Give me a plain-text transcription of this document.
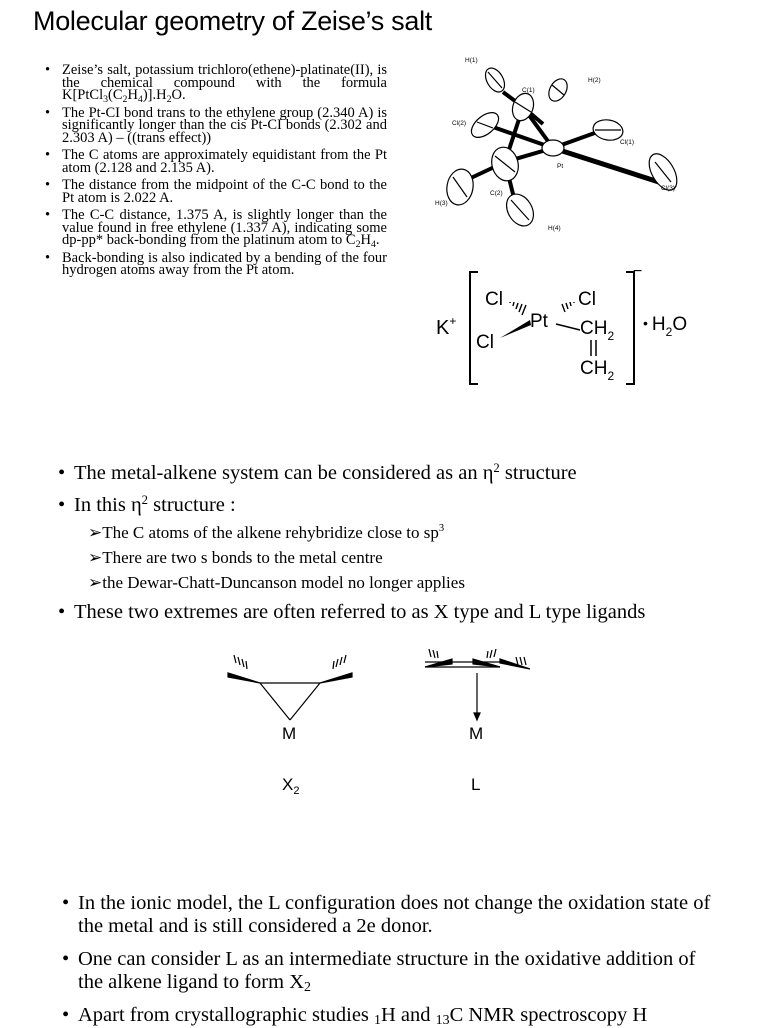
Molecular geometry of Zeise’s salt
• Zeise’s salt, potassium trichloro(ethene)-platinate(II), is the chemical compound with the formula $K[PtCl_3(C_2H_4)].H_2O$.
• The Pt-CI bond trans to the ethylene group (2.340 A) is significantly longer than the cis Pt-CI bonds (2.302 and 2.303 A) – ((trans effect))
• The C atoms are approximately equidistant from the Pt atom (2.128 and 2.135 A).
• The distance from the midpoint of the C-C bond to the Pt atom is 2.022 A.
• The C-C distance, 1.375 A, is slightly longer than the value found in free ethylene (1.337 A), indicating some dp-pp* back-bonding from the platinum atom to $C_2H_4$.
• Back-bonding is also indicated by a bending of the four hydrogen atoms away from the Pt atom.
H(1)
H(2)
C(1)
Cl(2)
Cl(1)
Pt
H(3)
C(2)
Cl(3)
H(4)
K+
Cl
Pt
Cl
Cl
$CH_2$
$CH_2$
−
• $H_2O$
• The metal-alkene system can be considered as an $\eta^2$ structure
• In this $\eta^2$ structure :
➢The C atoms of the alkene rehybridize close to $sp^3$
➢There are two s bonds to the metal centre
➢the Dewar-Chatt-Duncanson model no longer applies
• These two extremes are often referred to as X type and L type ligands
M	M
$X_2$	L
• In the ionic model, the L configuration does not change the oxidation state of the metal and is still considered a 2e donor.
• One can consider L as an intermediate structure in the oxidative addition of the alkene ligand to form $X_2$
• Apart from crystallographic studies $_1$H and $_{13}$C NMR spectroscopy H
